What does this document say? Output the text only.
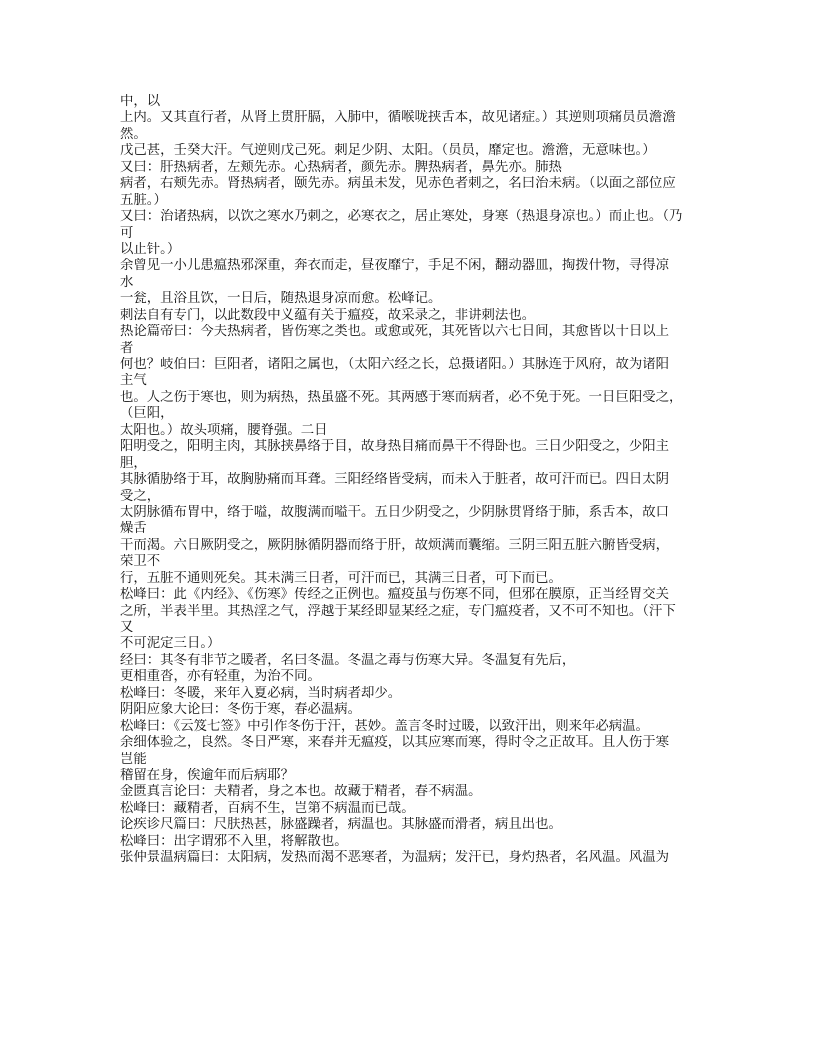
中，以
上内。又其直行者，从肾上贯肝膈，入肺中，循喉咙挟舌本，故见诸症。）其逆则项痛员员澹澹
然。
戊己甚，壬癸大汗。气逆则戊己死。刺足少阴、太阳。（员员，靡定也。澹澹，无意味也。）
又曰：肝热病者，左颊先赤。心热病者，颜先赤。脾热病者，鼻先亦。肺热
病者，右颊先赤。肾热病者，颐先赤。病虽未发，见赤色者刺之，名曰治未病。（以面之部位应
五脏。）
又曰：治诸热病，以饮之寒水乃刺之，必寒衣之，居止寒处，身寒（热退身凉也。）而止也。（乃
可
以止针。）
余曾见一小儿患瘟热邪深重，奔衣而走，昼夜靡宁，手足不闲，翻动器皿，掏拨什物，寻得凉
水
一瓮，且浴且饮，一日后，随热退身凉而愈。松峰记。
刺法自有专门，以此数段中义蕴有关于瘟疫，故采录之，非讲刺法也。
热论篇帝曰：今夫热病者，皆伤寒之类也。或愈或死，其死皆以六七日间，其愈皆以十日以上
者
何也？岐伯曰：巨阳者，诸阳之属也，（太阳六经之长，总摄诸阳。）其脉连于风府，故为诸阳
主气
也。人之伤于寒也，则为病热，热虽盛不死。其两感于寒而病者，必不免于死。一日巨阳受之，
（巨阳，
太阳也。）故头项痛，腰脊强。二日
阳明受之，阳明主肉，其脉挟鼻络于目，故身热目痛而鼻干不得卧也。三日少阳受之，少阳主
胆，
其脉循胁络于耳，故胸胁痛而耳聋。三阳经络皆受病，而未入于脏者，故可汗而已。四日太阴
受之，
太阴脉循布胃中，络于嗌，故腹满而嗌干。五日少阴受之，少阴脉贯肾络于肺，系舌本，故口
燥舌
干而渴。六日厥阴受之，厥阴脉循阴器而络于肝，故烦满而囊缩。三阴三阳五脏六腑皆受病，
荣卫不
行，五脏不通则死矣。其未满三日者，可汗而已，其满三日者，可下而已。
松峰曰：此《内经》、《伤寒》传经之正例也。瘟疫虽与伤寒不同，但邪在膜原，正当经胃交关
之所，半表半里。其热淫之气，浮越于某经即显某经之症，专门瘟疫者，又不可不知也。（汗下
又
不可泥定三日。）
经曰：其冬有非节之暖者，名曰冬温。冬温之毒与伤寒大异。冬温复有先后，
更相重沓，亦有轻重，为治不同。
松峰曰：冬暖，来年入夏必病，当时病者却少。
阴阳应象大论曰：冬伤于寒，春必温病。
松峰曰：《云笈七签》中引作冬伤于汗，甚妙。盖言冬时过暖，以致汗出，则来年必病温。
余细体验之，良然。冬日严寒，来春并无瘟疫，以其应寒而寒，得时令之正故耳。且人伤于寒
岂能
稽留在身，俟逾年而后病耶？
金匮真言论曰：夫精者，身之本也。故藏于精者，春不病温。
松峰曰：藏精者，百病不生，岂第不病温而已哉。
论疾诊尺篇曰：尺肤热甚，脉盛躁者，病温也。其脉盛而滑者，病且出也。
松峰曰：出字谓邪不入里，将解散也。
张仲景温病篇曰：太阳病，发热而渴不恶寒者，为温病；发汗已，身灼热者，名风温。风温为
